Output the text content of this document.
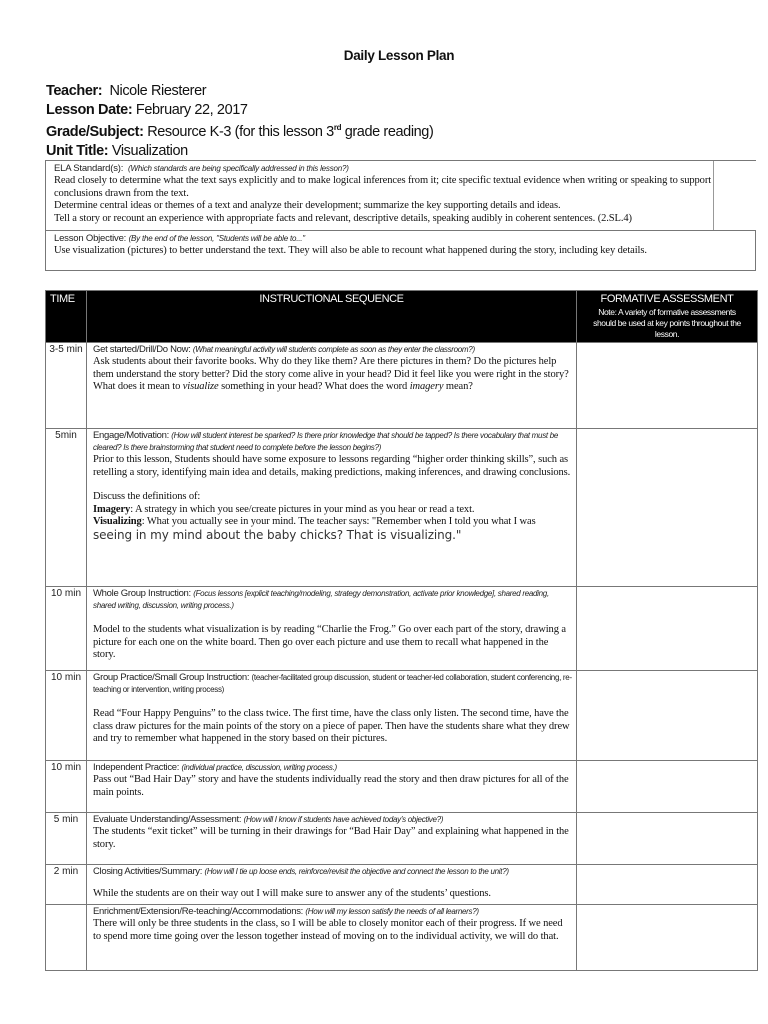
Daily Lesson Plan
Teacher: Nicole Riesterer
Lesson Date: February 22, 2017
Grade/Subject: Resource K-3 (for this lesson 3rd grade reading)
Unit Title: Visualization
ELA Standard(s): (Which standards are being specifically addressed in this lesson?)
Read closely to determine what the text says explicitly and to make logical inferences from it; cite specific textual evidence when writing or speaking to support conclusions drawn from the text.
Determine central ideas or themes of a text and analyze their development; summarize the key supporting details and ideas.
Tell a story or recount an experience with appropriate facts and relevant, descriptive details, speaking audibly in coherent sentences. (2.SL.4)
Lesson Objective: (By the end of the lesson, "Students will be able to..."
Use visualization (pictures) to better understand the text. They will also be able to recount what happened during the story, including key details.
TIME	INSTRUCTIONAL SEQUENCE	FORMATIVE ASSESSMENT
Note: A variety of formative assessments should be used at key points throughout the lesson.

3-5 min	Get started/Drill/Do Now: (What meaningful activity will students complete as soon as they enter the classroom?)
Ask students about their favorite books. Why do they like them? Are there pictures in them? Do the pictures help them understand the story better? Did the story come alive in your head? Did it feel like you were right in the story? What does it mean to visualize something in your head? What does the word imagery mean?	

5min	Engage/Motivation: (How will student interest be sparked? Is there prior knowledge that should be tapped? Is there vocabulary that must be cleared? Is there brainstorming that student need to complete before the lesson begins?)
Prior to this lesson, Students should have some exposure to lessons regarding “higher order thinking skills”, such as retelling a story, identifying main idea and details, making predictions, making inferences, and drawing conclusions.
Discuss the definitions of:
Imagery: A strategy in which you see/create pictures in your mind as you hear or read a text.
Visualizing: What you actually see in your mind. The teacher says: "Remember when I told you what I was seeing in my mind about the baby chicks? That is visualizing."	

10 min	Whole Group Instruction: (Focus lessons [explicit teaching/modeling, strategy demonstration, activate prior knowledge], shared reading, shared writing, discussion, writing process.)
Model to the students what visualization is by reading “Charlie the Frog.” Go over each part of the story, drawing a picture for each one on the white board. Then go over each picture and use them to recall what happened in the story.	

10 min	Group Practice/Small Group Instruction: (teacher-facilitated group discussion, student or teacher-led collaboration, student conferencing, re-teaching or intervention, writing process)
Read “Four Happy Penguins” to the class twice. The first time, have the class only listen. The second time, have the class draw pictures for the main points of the story on a piece of paper. Then have the students share what they drew and try to remember what happened in the story based on their pictures.	

10 min	Independent Practice: (individual practice, discussion, writing process.)
Pass out “Bad Hair Day” story and have the students individually read the story and then draw pictures for all of the main points.	

5 min	Evaluate Understanding/Assessment: (How will I know if students have achieved today’s objective?)
The students “exit ticket” will be turning in their drawings for “Bad Hair Day” and explaining what happened in the story.	

2 min	Closing Activities/Summary: (How will I tie up loose ends, reinforce/revisit the objective and connect the lesson to the unit?)
While the students are on their way out I will make sure to answer any of the students’ questions.	

	Enrichment/Extension/Re-teaching/Accommodations: (How will my lesson satisfy the needs of all learners?)
There will only be three students in the class, so I will be able to closely monitor each of their progress. If we need to spend more time going over the lesson together instead of moving on to the individual activity, we will do that.	
